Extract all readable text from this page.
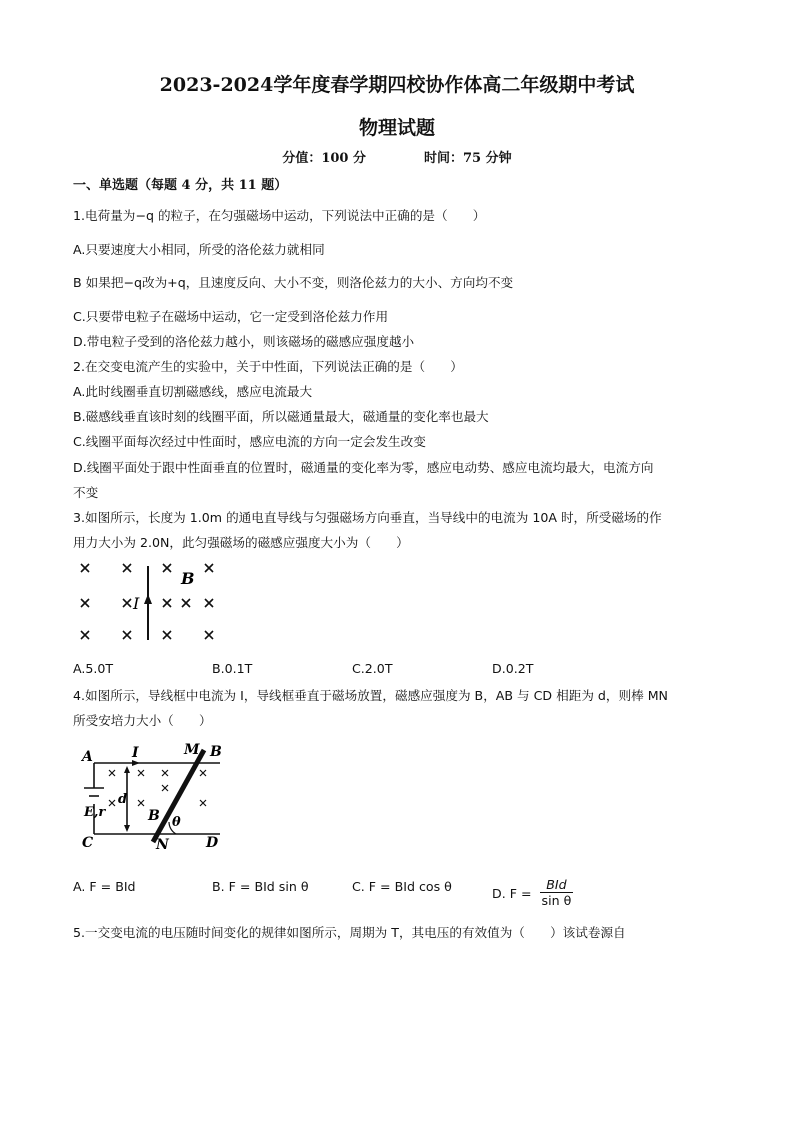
2023-2024学年度春学期四校协作体高二年级期中考试
物理试题
分值：100 分	时间：75 分钟
一、单选题（每题 4 分，共 11 题）
1.电荷量为−q 的粒子，在匀强磁场中运动，下列说法中正确的是（　　）
A.只要速度大小相同，所受的洛伦兹力就相同
B 如果把−q改为+q，且速度反向、大小不变，则洛伦兹力的大小、方向均不变
C.只要带电粒子在磁场中运动，它一定受到洛伦兹力作用
D.带电粒子受到的洛伦兹力越小，则该磁场的磁感应强度越小
2.在交变电流产生的实验中，关于中性面，下列说法正确的是（　　）
A.此时线圈垂直切割磁感线，感应电流最大
B.磁感线垂直该时刻的线圈平面，所以磁通量最大，磁通量的变化率也最大
C.线圈平面每次经过中性面时，感应电流的方向一定会发生改变
D.线圈平面处于跟中性面垂直的位置时，磁通量的变化率为零，感应电动势、感应电流均最大，电流方向
不变
3.如图所示，长度为 1.0m 的通电直导线与匀强磁场方向垂直，当导线中的电流为 10A 时，所受磁场的作
用力大小为 2.0N，此匀强磁场的磁感应强度大小为（　　）
I
B
A.5.0T	B.0.1T	C.2.0T	D.0.2T
4.如图所示，导线框中电流为 I，导线框垂直于磁场放置，磁感应强度为 B，AB 与 CD 相距为 d，则棒 MN
所受安培力大小（　　）
A	B
C	D
M
N
I
E,r
d
B θ
A. F = BId	B. F = BId sin θ	C. F = BId cos θ	D. F =
BId
sin θ
5.一交变电流的电压随时间变化的规律如图所示，周期为 T，其电压的有效值为（　　）该试卷源自
